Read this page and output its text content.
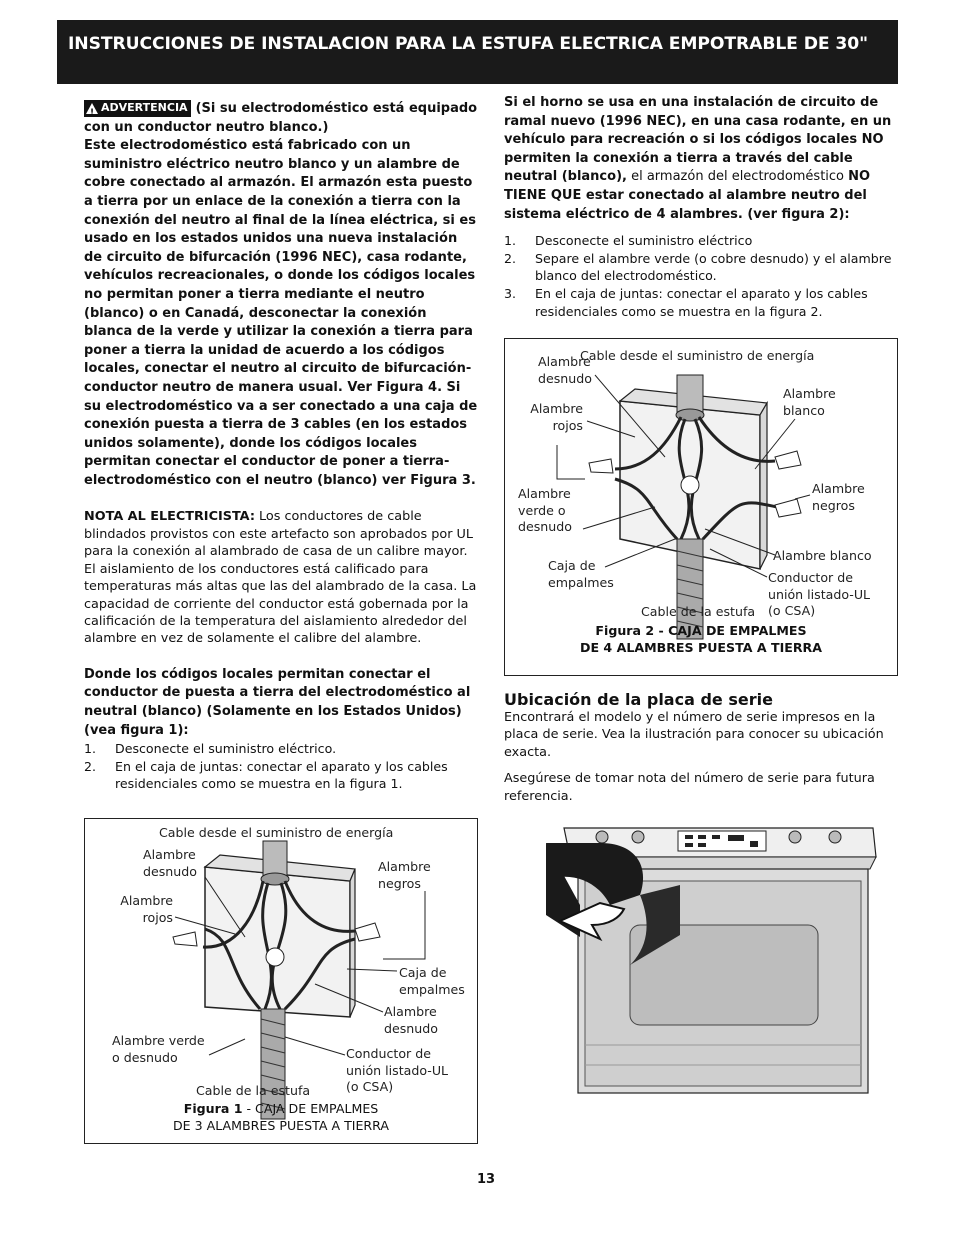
INSTRUCCIONES DE INSTALACION PARA LA ESTUFA ELECTRICA EMPOTRABLE DE 30"

! ADVERTENCIA (Si su electrodoméstico está equipado con un conductor neutro blanco.)

Este electrodoméstico está fabricado con un suministro eléctrico neutro blanco y un alambre de cobre conectado al armazón. El armazón esta puesto a tierra por un enlace de la conexión a tierra con la conexión del neutro al final de la línea eléctrica, si es usado en los estados unidos una nueva instalación de circuito de bifurcación (1996 NEC), casa rodante, vehículos recreacionales, o donde los códigos locales no permitan poner a tierra mediante el neutro (blanco) o en Canadá, desconectar la conexión blanca de la verde y utilizar la conexión a tierra para poner a tierra la unidad de acuerdo a los códigos locales, conectar el neutro al circuito de bifurcación-conductor neutro de manera usual. Ver Figura 4. Si su electrodoméstico va a ser conectado a una caja de conexión puesta a tierra de 3 cables (en los estados unidos solamente), donde los códigos locales permitan conectar el conductor de poner a tierra-electrodoméstico con el neutro (blanco) ver Figura 3.

NOTA AL ELECTRICISTA: Los conductores de cable blindados provistos con este artefacto son aprobados por UL para la conexión al alambrado de casa de un calibre mayor. El aislamiento de los conductores está calificado para temperaturas más altas que las del alambrado de la casa. La capacidad de corriente del conductor está gobernada por la calificación de la temperatura del aislamiento alrededor del alambre en vez de solamente el calibre del alambre.

Donde los códigos locales permitan conectar el conductor de puesta a tierra del electrodoméstico al neutral (blanco) (Solamente en los Estados Unidos) (vea figura 1):

1. Desconecte el suministro eléctrico.
2. En el caja de juntas: conectar el aparato y los cables residenciales como se muestra en la figura 1.
Cable desde el suministro de energía
Alambre desnudo
Alambre rojos
Alambre negros
Caja de empalmes
Alambre desnudo
Alambre verde o desnudo	Conductor de unión listado-UL (o CSA)
Cable de la estufa
Figura 1 - CAJA DE EMPALMES
DE 3 ALAMBRES PUESTA A TIERRA

Si el horno se usa en una instalación de circuito de ramal nuevo (1996 NEC), en una casa rodante, en un vehículo para recreación o si los códigos locales NO permiten la conexión a tierra a través del cable neutral (blanco), el armazón del electrodoméstico NO TIENE QUE estar conectado al alambre neutro del sistema eléctrico de 4 alambres. (ver figura 2):

1. Desconecte el suministro eléctrico
2. Separe el alambre verde (o cobre desnudo) y el alambre blanco del electrodoméstico.
3. En el caja de juntas: conectar el aparato y los cables residenciales como se muestra en la figura 2.
Cable desde el suministro de energía
Alambre desnudo
Alambre rojos
Alambre blanco
Alambre negros
Alambre verde o desnudo
Alambre blanco
Caja de empalmes	Conductor de unión listado-UL (o CSA)
Cable de la estufa
Figura 2 - CAJA DE EMPALMES
DE 4 ALAMBRES PUESTA A TIERRA

Ubicación de la placa de serie

Encontrará el modelo y el número de serie impresos en la placa de serie. Vea la ilustración para conocer su ubicación exacta.

Asegúrese de tomar nota del número de serie para futura referencia.

13
